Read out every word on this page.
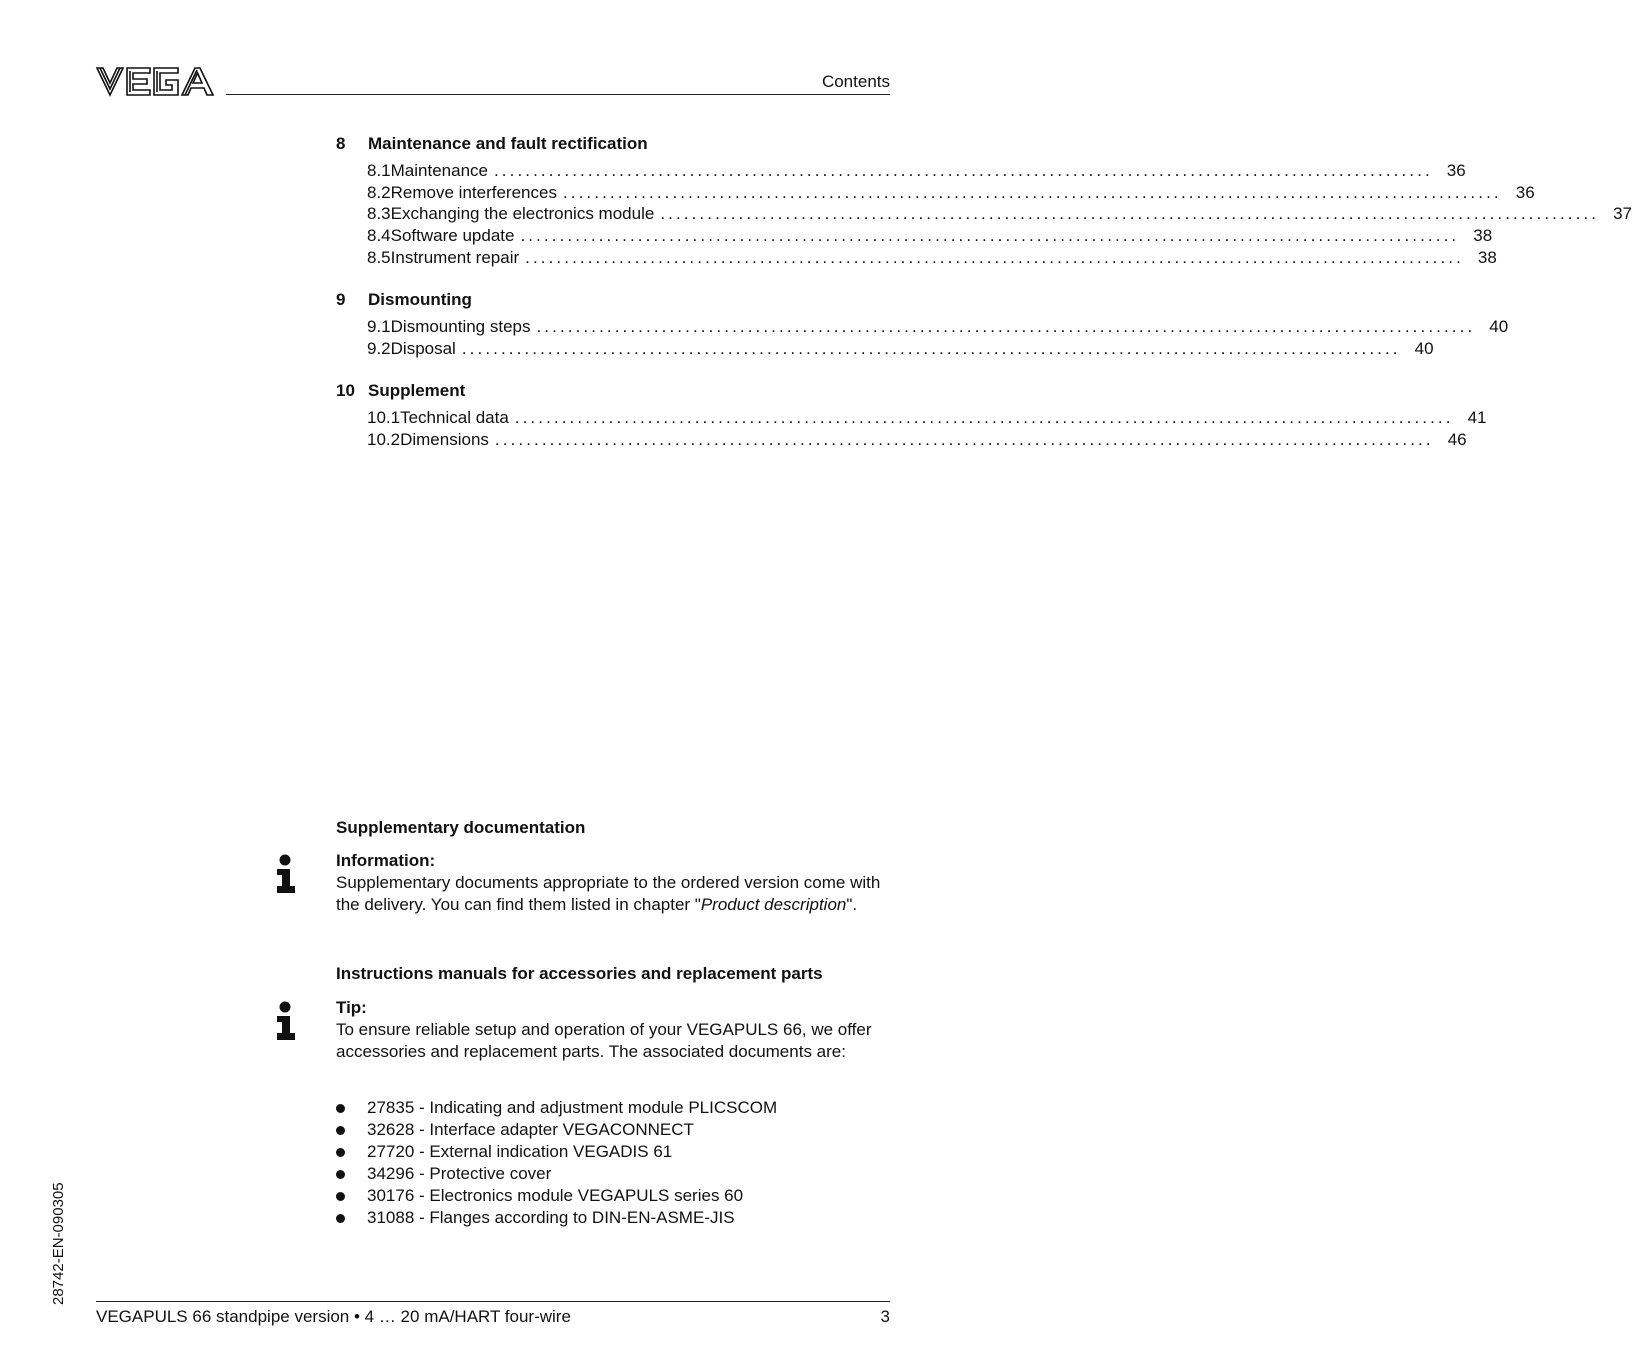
Contents
8	Maintenance and fault rectification
8.1 Maintenance ........................................................................................................................ 36
8.2 Remove interferences ........................................................................................................................ 36
8.3 Exchanging the electronics module ........................................................................................................................ 37
8.4 Software update ........................................................................................................................ 38
8.5 Instrument repair ........................................................................................................................ 38
9	Dismounting
9.1 Dismounting steps ........................................................................................................................ 40
9.2 Disposal ........................................................................................................................ 40
10 Supplement
10.1 Technical data ........................................................................................................................ 41
10.2 Dimensions ........................................................................................................................ 46
Supplementary documentation
Information:
Supplementary documents appropriate to the ordered version come with the delivery. You can find them listed in chapter "Product description".
Instructions manuals for accessories and replacement parts
Tip:
To ensure reliable setup and operation of your VEGAPULS 66, we offer accessories and replacement parts. The associated documents are:
27835 - Indicating and adjustment module PLICSCOM
32628 - Interface adapter VEGACONNECT
27720 - External indication VEGADIS 61
34296 - Protective cover
30176 - Electronics module VEGAPULS series 60
31088 - Flanges according to DIN-EN-ASME-JIS
28742-EN-090305
VEGAPULS 66 standpipe version • 4 … 20 mA/HART four-wire	3
